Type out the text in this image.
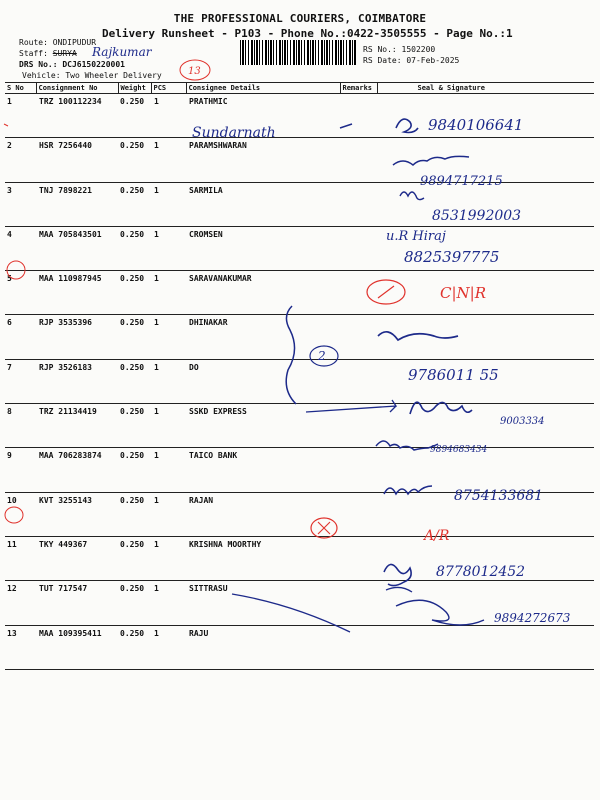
THE PROFESSIONAL COURIERS, COIMBATORE
Delivery Runsheet - P103 - Phone No.:0422-3505555 - Page No.:1
Route: ONDIPUDUR
Staff: SURYA
DRS No.: DCJ6150220001
Vehicle: Two Wheeler Delivery
RS No.: 1502200
RS Date: 07-Feb-2025
S No	Consignment No	Weight	PCS	Consignee Details	Remarks	Seal & Signature
1	TRZ 100112234	0.250	1	PRATHMIC		
2	HSR 7256440	0.250	1	PARAMSHWARAN		
3	TNJ 7898221	0.250	1	SARMILA		
4	MAA 705843501	0.250	1	CROMSEN		
5	MAA 110987945	0.250	1	SARAVANAKUMAR		
6	RJP 3535396	0.250	1	DHINAKAR		
7	RJP 3526183	0.250	1	DO		
8	TRZ 21134419	0.250	1	SSKD EXPRESS		
9	MAA 706283874	0.250	1	TAICO BANK		
10	KVT 3255143	0.250	1	RAJAN		
11	TKY 449367	0.250	1	KRISHNA MOORTHY		
12	TUT 717547	0.250	1	SITTRASU		
13	MAA 109395411	0.250	1	RAJU		
Rajkumar
13
Sundarnath	9840106641
9894717215
8531992003
u.R Hiraj
8825397775
C|N|R
2
9786011 55
9003334
9894683434
8754133681
A/R
8778012452
9894272673
